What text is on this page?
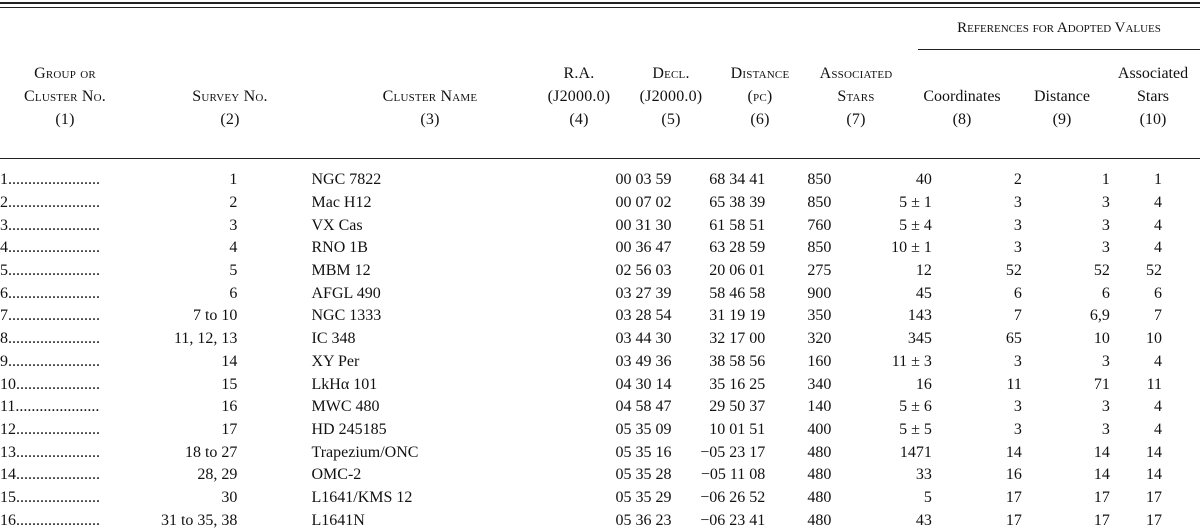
References for Adopted Values
Group or
Cluster No.
(1)

Survey No.
(2)

Cluster Name
(3)
R.A.
(J2000.0)
(4)
Decl.
(J2000.0)
(5)
Distance
(pc)
(6)
Associated
Stars
(7)

Coordinates
(8)

Distance
(9)
Associated
Stars
(10)
1.......................	1		NGC 7822	00 03 59	68 34 41	850	40	2	1	1
2.......................	2		Mac H12	00 07 02	65 38 39	850	5 ± 1	3	3	4
3.......................	3		VX Cas	00 31 30	61 58 51	760	5 ± 4	3	3	4
4.......................	4		RNO 1B	00 36 47	63 28 59	850	10 ± 1	3	3	4
5.......................	5		MBM 12	02 56 03	20 06 01	275	12	52	52	52
6.......................	6		AFGL 490	03 27 39	58 46 58	900	45	6	6	6
7.......................	7 to 10		NGC 1333	03 28 54	31 19 19	350	143	7	6,9	7
8.......................	11, 12, 13		IC 348	03 44 30	32 17 00	320	345	65	10	10
9.......................	14		XY Per	03 49 36	38 58 56	160	11 ± 3	3	3	4
10.....................	15		LkHα 101	04 30 14	35 16 25	340	16	11	71	11
11.....................	16		MWC 480	04 58 47	29 50 37	140	5 ± 6	3	3	4
12.....................	17		HD 245185	05 35 09	10 01 51	400	5 ± 5	3	3	4
13.....................	18 to 27		Trapezium/ONC	05 35 16	−05 23 17	480	1471	14	14	14
14.....................	28, 29		OMC-2	05 35 28	−05 11 08	480	33	16	14	14
15.....................	30		L1641/KMS 12	05 35 29	−06 26 52	480	5	17	17	17
16.....................	31 to 35, 38		L1641N	05 36 23	−06 23 41	480	43	17	17	17
